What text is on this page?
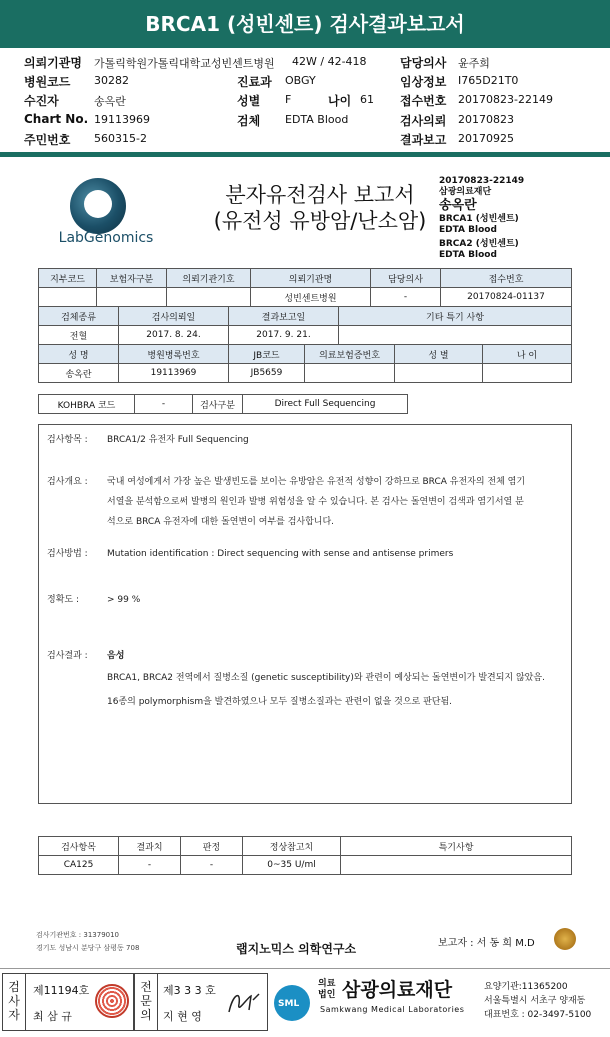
BRCA1 (성빈센트) 검사결과보고서
의뢰기관명 가톨릭학원가톨릭대학교성빈센트병원 42W / 42-418	담당의사 윤주희
병원코드 30282	진료과 OBGY	임상정보 I765D21T0
수진자	송옥란	성별 F	나이 61 접수번호 20170823-22149
Chart No. 19113969	검체 EDTA Blood	검사의뢰 20170823
주민번호 560315-2	결과보고 20170925
LabGenomics
분자유전검사 보고서
(유전성 유방암/난소암)
20170823-22149
삼광의료재단
송옥란
BRCA1 (성빈센트)
EDTA Blood
BRCA2 (성빈센트)
EDTA Blood
지부코드	보험자구분	의뢰기관기호	의뢰기관명	담당의사	접수번호
			성빈센트병원	-	20170824-01137
검체종류	검사의뢰일	결과보고일	기타 특기 사항
전혈	2017. 8. 24.	2017. 9. 21.	
성 명	병원병록번호	JB코드	의료보험증번호	성 별	나 이
송옥란	19113969	JB5659			
KOHBRA 코드	-	검사구분	Direct Full Sequencing
검사항목 :	BRCA1/2 유전자 Full Sequencing
검사개요 :	국내 여성에게서 가장 높은 발생빈도를 보이는 유방암은 유전적 성향이 강하므로 BRCA 유전자의 전체 염기
서열을 분석함으로써 발병의 원인과 발병 위험성을 알 수 있습니다. 본 검사는 돌연변이 검색과 염기서열 분
석으로 BRCA 유전자에 대한 돌연변이 여부를 검사합니다.
검사방법 :	Mutation identification : Direct sequencing with sense and antisense primers
정확도 :	> 99 %
검사결과 :	음성
BRCA1, BRCA2 전역에서 질병소질 (genetic susceptibility)와 관련이 예상되는 돌연변이가 발견되지 않았음.
16종의 polymorphism을 발견하였으나 모두 질병소질과는 관련이 없을 것으로 판단됨.
검사항목	결과치	판정	정상참고치	특기사항
CA125	-	-	0~35 U/ml	
검사기관번호 : 31379010
경기도 성남시 분당구 삼평동 708	랩지노믹스 의학연구소	보고자 : 서 동 희 M.D
검사자
제11194호
최 삼 규
전문의
제3 3 3 호
지 현 영
SML
의료법인 삼광의료재단
Samkwang Medical Laboratories
요양기관:11365200
서울특별시 서초구 양재동
대표번호 : 02-3497-5100
